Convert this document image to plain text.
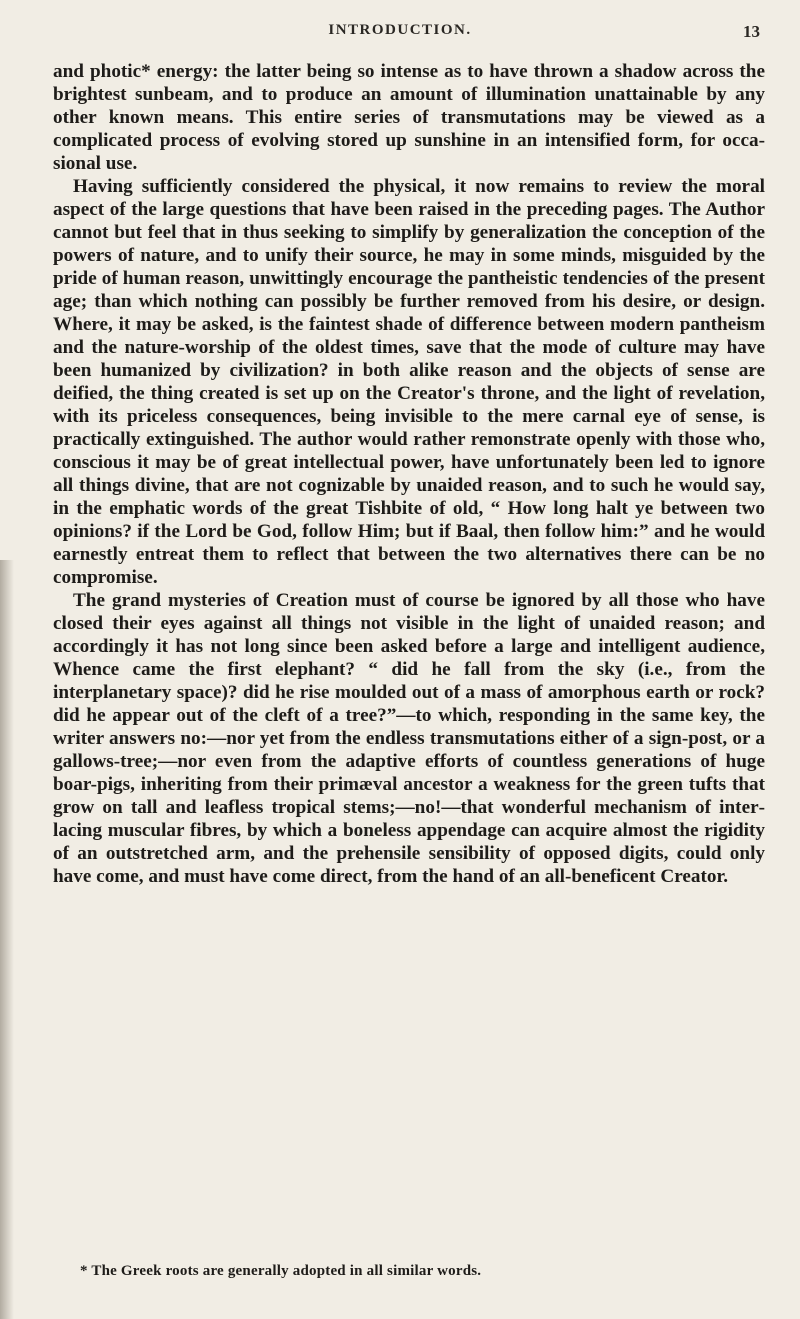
INTRODUCTION.	13

and photic* energy: the latter being so intense as to have thrown a shadow across the brightest sunbeam, and to produce an amount of illumination unattainable by any other known means. This entire series of transmutations may be viewed as a complicated process of evolving stored up sunshine in an intensified form, for occasional use.

Having sufficiently considered the physical, it now remains to review the moral aspect of the large questions that have been raised in the preceding pages. The Author cannot but feel that in thus seeking to simplify by generalization the conception of the powers of nature, and to unify their source, he may in some minds, misguided by the pride of human reason, unwittingly encourage the pantheistic tendencies of the present age; than which nothing can possibly be further removed from his desire, or design. Where, it may be asked, is the faintest shade of difference between modern pantheism and the nature-worship of the oldest times, save that the mode of culture may have been humanized by civilization? in both alike reason and the objects of sense are deified, the thing created is set up on the Creator's throne, and the light of revelation, with its priceless consequences, being invisible to the mere carnal eye of sense, is practically extinguished. The author would rather remonstrate openly with those who, conscious it may be of great intellectual power, have unfortunately been led to ignore all things divine, that are not cognizable by unaided reason, and to such he would say, in the emphatic words of the great Tishbite of old, “ How long halt ye between two opinions? if the Lord be God, follow Him; but if Baal, then follow him:” and he would earnestly entreat them to reflect that between the two alternatives there can be no compromise.

The grand mysteries of Creation must of course be ignored by all those who have closed their eyes against all things not visible in the light of unaided reason; and accordingly it has not long since been asked before a large and intelligent audience, Whence came the first elephant? “ did he fall from the sky (i.e., from the interplanetary space)? did he rise moulded out of a mass of amorphous earth or rock? did he appear out of the cleft of a tree?”—to which, responding in the same key, the writer answers no:—nor yet from the endless transmutations either of a sign-post, or a gallows-tree;—nor even from the adaptive efforts of countless generations of huge boar-pigs, inheriting from their primæval ancestor a weakness for the green tufts that grow on tall and leafless tropical stems;—no!—that wonderful mechanism of interlacing muscular fibres, by which a boneless appendage can acquire almost the rigidity of an outstretched arm, and the prehensile sensibility of opposed digits, could only have come, and must have come direct, from the hand of an all-beneficent Creator.

* The Greek roots are generally adopted in all similar words.
